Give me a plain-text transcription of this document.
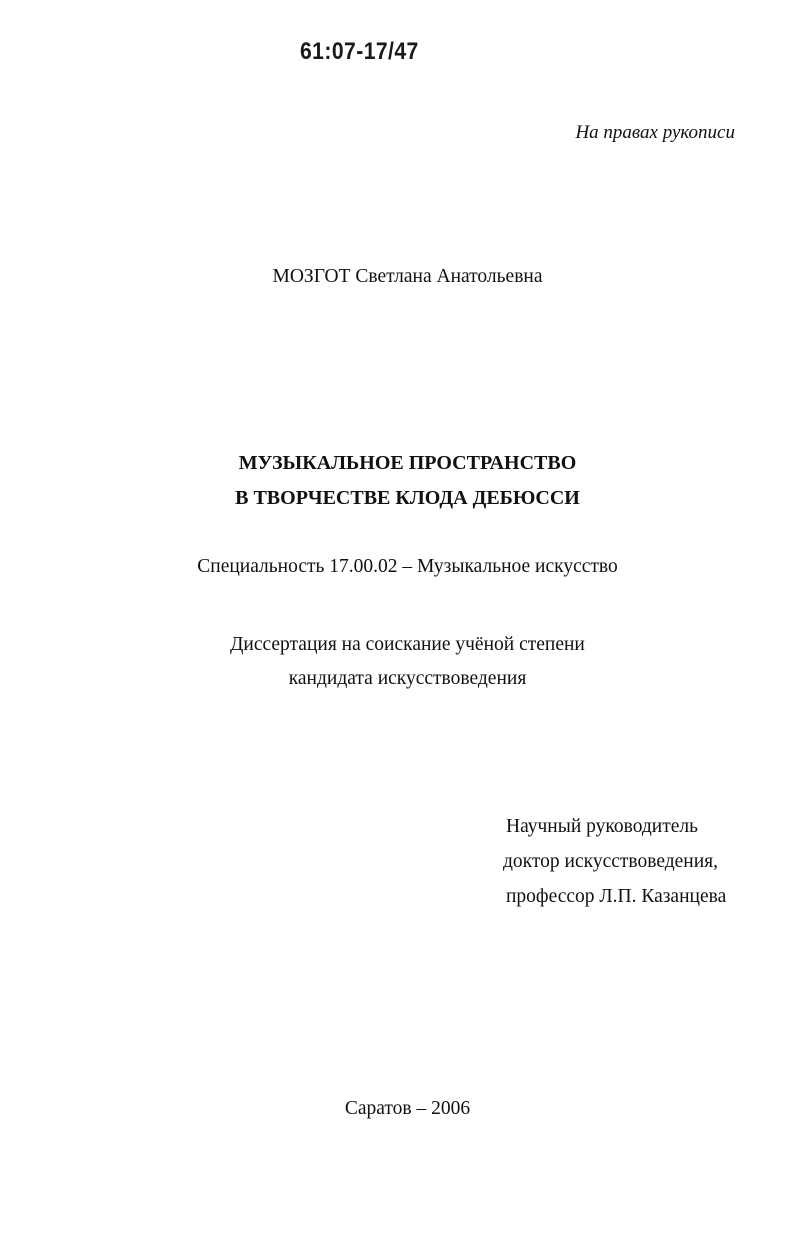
61:07-17/47
На правах рукописи
МОЗГОТ Светлана Анатольевна
МУЗЫКАЛЬНОЕ ПРОСТРАНСТВО
В ТВОРЧЕСТВЕ КЛОДА ДЕБЮССИ
Специальность 17.00.02 – Музыкальное искусство
Диссертация на соискание учёной степени
кандидата искусствоведения
Научный руководитель
доктор искусствоведения,
профессор Л.П. Казанцева
Саратов – 2006
